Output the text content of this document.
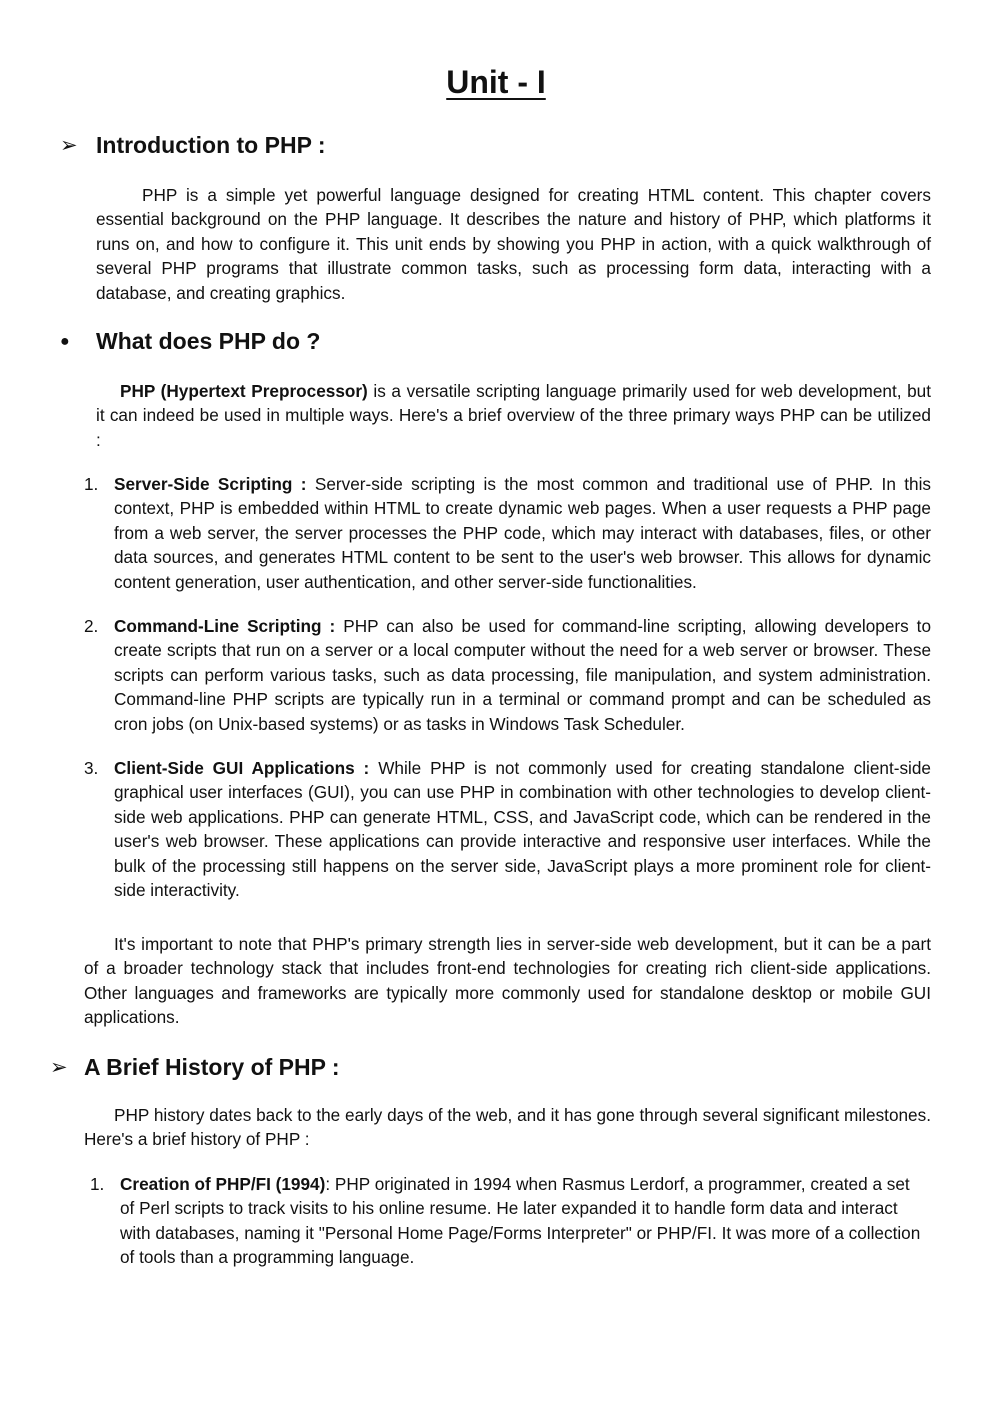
Unit - I
➢ Introduction to PHP :

PHP is a simple yet powerful language designed for creating HTML content. This chapter covers essential background on the PHP language. It describes the nature and history of PHP, which platforms it runs on, and how to configure it. This unit ends by showing you PHP in action, with a quick walkthrough of several PHP programs that illustrate common tasks, such as processing form data, interacting with a database, and creating graphics.

● What does PHP do ?

PHP (Hypertext Preprocessor) is a versatile scripting language primarily used for web development, but it can indeed be used in multiple ways. Here's a brief overview of the three primary ways PHP can be utilized :

1. Server-Side Scripting : Server-side scripting is the most common and traditional use of PHP. In this context, PHP is embedded within HTML to create dynamic web pages. When a user requests a PHP page from a web server, the server processes the PHP code, which may interact with databases, files, or other data sources, and generates HTML content to be sent to the user's web browser. This allows for dynamic content generation, user authentication, and other server-side functionalities.

2. Command-Line Scripting : PHP can also be used for command-line scripting, allowing developers to create scripts that run on a server or a local computer without the need for a web server or browser. These scripts can perform various tasks, such as data processing, file manipulation, and system administration. Command-line PHP scripts are typically run in a terminal or command prompt and can be scheduled as cron jobs (on Unix-based systems) or as tasks in Windows Task Scheduler.

3. Client-Side GUI Applications : While PHP is not commonly used for creating standalone client-side graphical user interfaces (GUI), you can use PHP in combination with other technologies to develop client-side web applications. PHP can generate HTML, CSS, and JavaScript code, which can be rendered in the user's web browser. These applications can provide interactive and responsive user interfaces. While the bulk of the processing still happens on the server side, JavaScript plays a more prominent role for client-side interactivity.

It's important to note that PHP's primary strength lies in server-side web development, but it can be a part of a broader technology stack that includes front-end technologies for creating rich client-side applications. Other languages and frameworks are typically more commonly used for standalone desktop or mobile GUI applications.

➢ A Brief History of PHP :

PHP history dates back to the early days of the web, and it has gone through several significant milestones. Here's a brief history of PHP :

1. Creation of PHP/FI (1994): PHP originated in 1994 when Rasmus Lerdorf, a programmer, created a set of Perl scripts to track visits to his online resume. He later expanded it to handle form data and interact with databases, naming it "Personal Home Page/Forms Interpreter" or PHP/FI. It was more of a collection of tools than a programming language.
